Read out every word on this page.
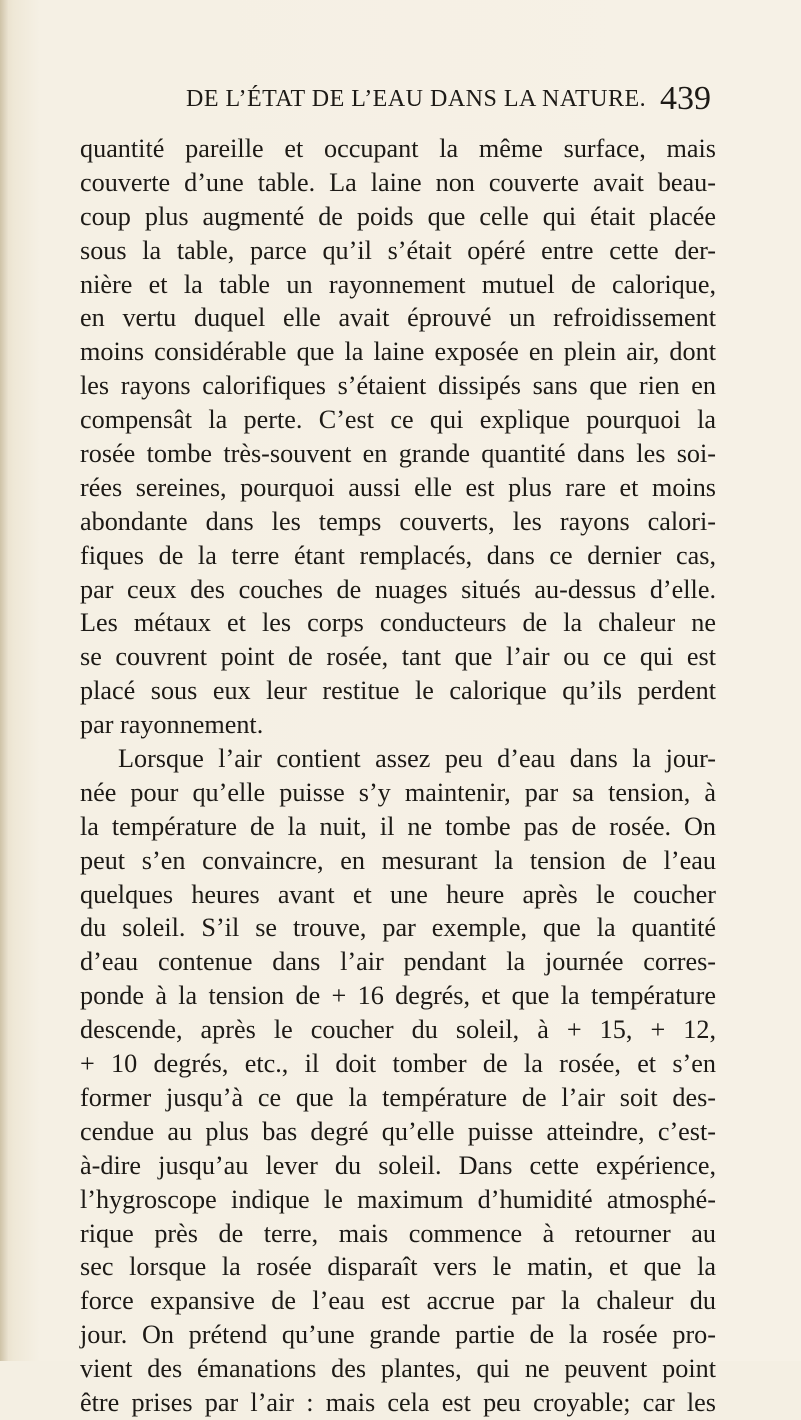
DE L’ÉTAT DE L’EAU DANS LA NATURE. 439
quantité pareille et occupant la même surface, mais
couverte d’une table. La laine non couverte avait beau-
coup plus augmenté de poids que celle qui était placée
sous la table, parce qu’il s’était opéré entre cette der-
nière et la table un rayonnement mutuel de calorique,
en vertu duquel elle avait éprouvé un refroidissement
moins considérable que la laine exposée en plein air, dont
les rayons calorifiques s’étaient dissipés sans que rien en
compensât la perte. C’est ce qui explique pourquoi la
rosée tombe très-souvent en grande quantité dans les soi-
rées sereines, pourquoi aussi elle est plus rare et moins
abondante dans les temps couverts, les rayons calori-
fiques de la terre étant remplacés, dans ce dernier cas,
par ceux des couches de nuages situés au-dessus d’elle.
Les métaux et les corps conducteurs de la chaleur ne
se couvrent point de rosée, tant que l’air ou ce qui est
placé sous eux leur restitue le calorique qu’ils perdent
par rayonnement.
Lorsque l’air contient assez peu d’eau dans la jour-
née pour qu’elle puisse s’y maintenir, par sa tension, à
la température de la nuit, il ne tombe pas de rosée. On
peut s’en convaincre, en mesurant la tension de l’eau
quelques heures avant et une heure après le coucher
du soleil. S’il se trouve, par exemple, que la quantité
d’eau contenue dans l’air pendant la journée corres-
ponde à la tension de + 16 degrés, et que la température
descende, après le coucher du soleil, à + 15, + 12,
+ 10 degrés, etc., il doit tomber de la rosée, et s’en
former jusqu’à ce que la température de l’air soit des-
cendue au plus bas degré qu’elle puisse atteindre, c’est-
à-dire jusqu’au lever du soleil. Dans cette expérience,
l’hygroscope indique le maximum d’humidité atmosphé-
rique près de terre, mais commence à retourner au
sec lorsque la rosée disparaît vers le matin, et que la
force expansive de l’eau est accrue par la chaleur du
jour. On prétend qu’une grande partie de la rosée pro-
vient des émanations des plantes, qui ne peuvent point
être prises par l’air : mais cela est peu croyable; car les
